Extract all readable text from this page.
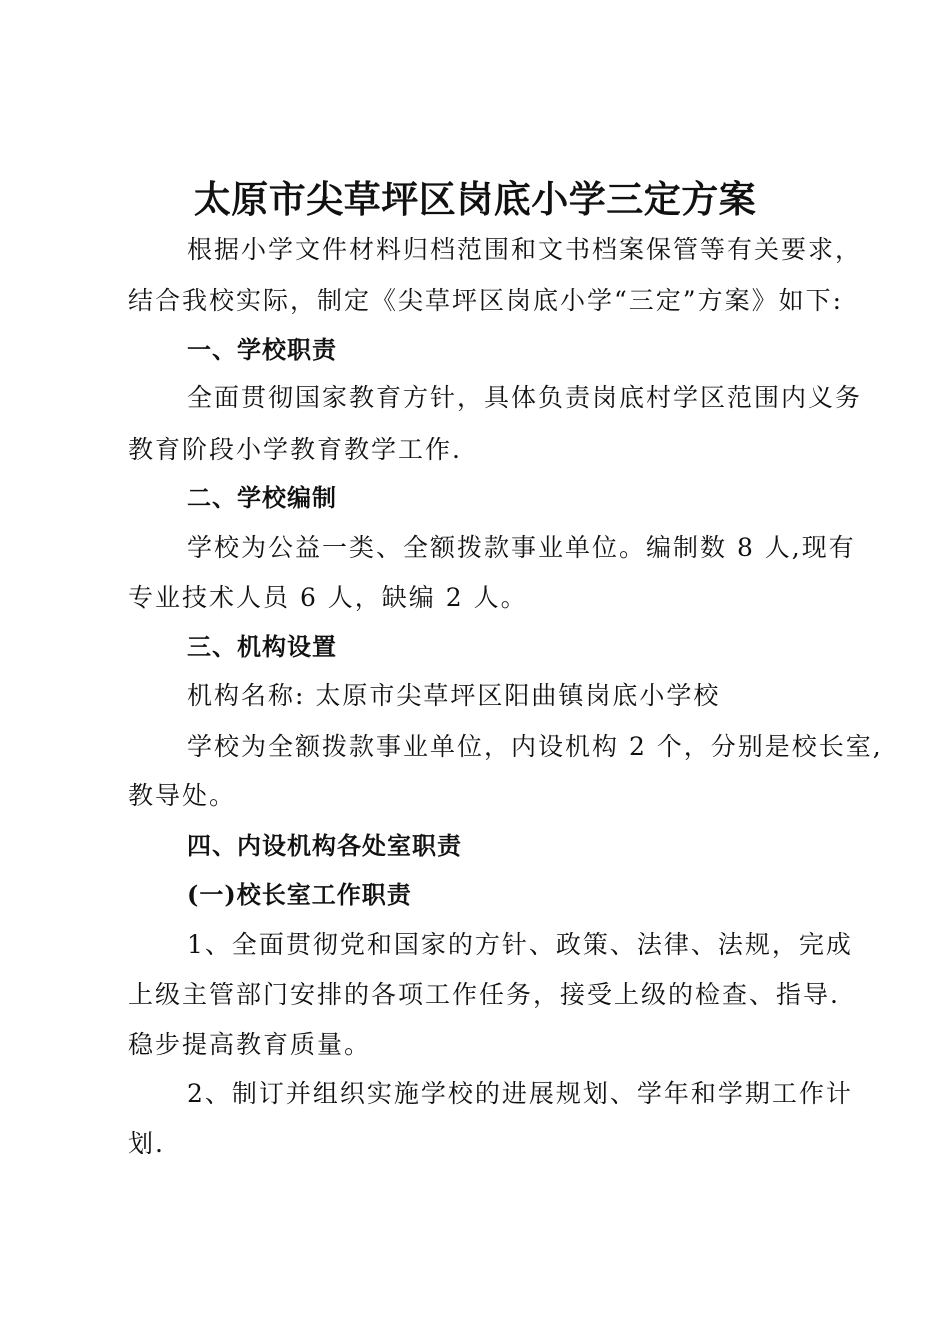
太原市尖草坪区岗底小学三定方案
根据小学文件材料归档范围和文书档案保管等有关要求，
结合我校实际，制定《尖草坪区岗底小学“三定”方案》如下:
一、学校职责
全面贯彻国家教育方针，具体负责岗底村学区范围内义务
教育阶段小学教育教学工作.
二、学校编制
学校为公益一类、全额拨款事业单位。编制数 8 人,现有
专业技术人员 6 人，缺编 2 人。
三、机构设置
机构名称: 太原市尖草坪区阳曲镇岗底小学校
学校为全额拨款事业单位，内设机构 2 个，分别是校长室,
教导处。
四、内设机构各处室职责
(一)校长室工作职责
1、全面贯彻党和国家的方针、政策、法律、法规，完成
上级主管部门安排的各项工作任务，接受上级的检查、指导.
稳步提高教育质量。
2、制订并组织实施学校的进展规划、学年和学期工作计
划.
